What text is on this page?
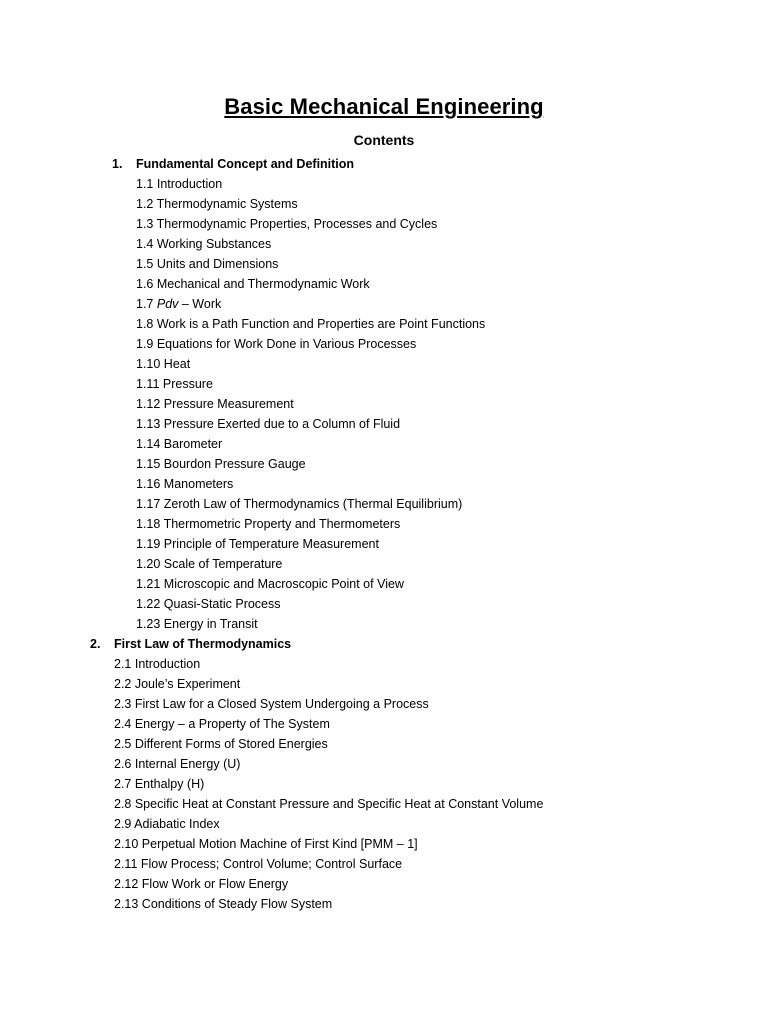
Basic Mechanical Engineering
Contents
1. Fundamental Concept and Definition
1.1 Introduction
1.2 Thermodynamic Systems
1.3 Thermodynamic Properties, Processes and Cycles
1.4 Working Substances
1.5 Units and Dimensions
1.6 Mechanical and Thermodynamic Work
1.7 Pdv – Work
1.8 Work is a Path Function and Properties are Point Functions
1.9 Equations for Work Done in Various Processes
1.10 Heat
1.11 Pressure
1.12 Pressure Measurement
1.13 Pressure Exerted due to a Column of Fluid
1.14 Barometer
1.15 Bourdon Pressure Gauge
1.16 Manometers
1.17 Zeroth Law of Thermodynamics (Thermal Equilibrium)
1.18 Thermometric Property and Thermometers
1.19 Principle of Temperature Measurement
1.20 Scale of Temperature
1.21 Microscopic and Macroscopic Point of View
1.22 Quasi-Static Process
1.23 Energy in Transit
2. First Law of Thermodynamics
2.1 Introduction
2.2 Joule’s Experiment
2.3 First Law for a Closed System Undergoing a Process
2.4 Energy – a Property of The System
2.5 Different Forms of Stored Energies
2.6 Internal Energy (U)
2.7 Enthalpy (H)
2.8 Specific Heat at Constant Pressure and Specific Heat at Constant Volume
2.9 Adiabatic Index
2.10 Perpetual Motion Machine of First Kind [PMM – 1]
2.11 Flow Process; Control Volume; Control Surface
2.12 Flow Work or Flow Energy
2.13 Conditions of Steady Flow System
